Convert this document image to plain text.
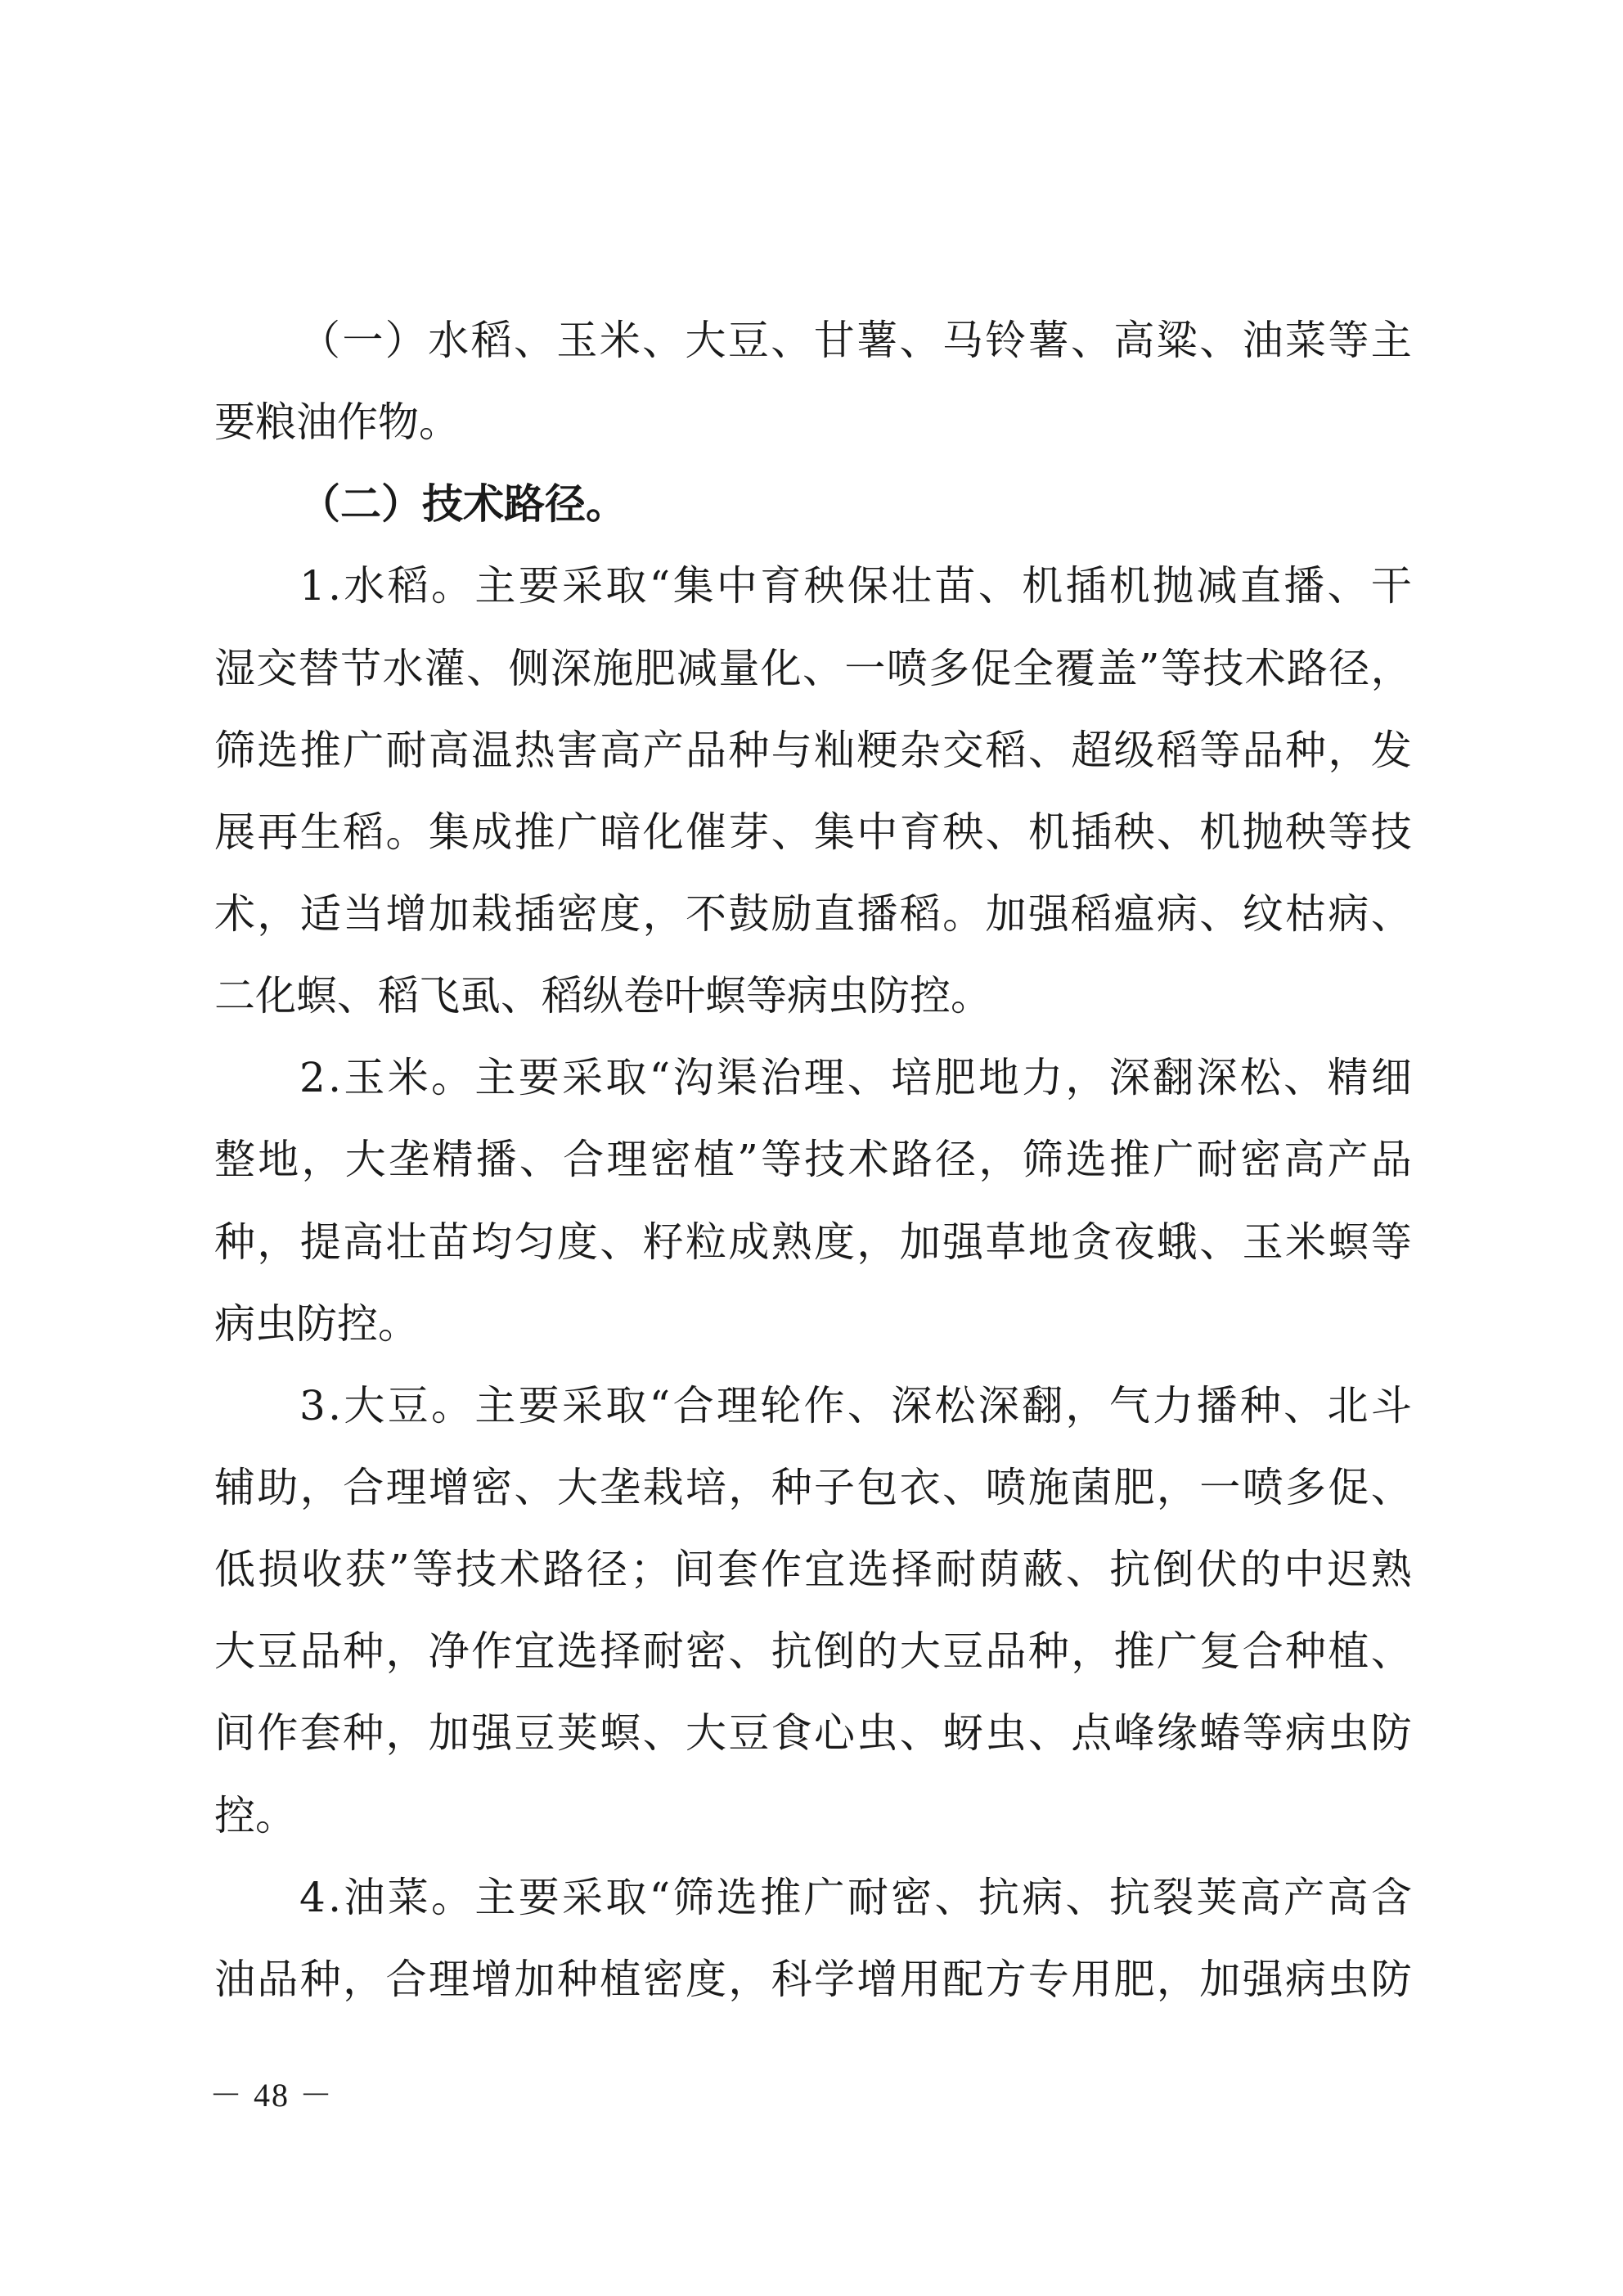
（ 一 ） 水 稻 、 玉 米 、 大 豆 、 甘 薯 、 马 铃 薯 、 高 粱 、 油 菜 等 主
要粮油作物。
（二）技术路径。
1 . 水 稻 。 主 要 采 取 “ 集 中 育 秧 保 壮 苗 、 机 插 机 抛 减 直 播 、 干
湿 交 替 节 水 灌 、 侧 深 施 肥 减 量 化 、 一 喷 多 促 全 覆 盖 ” 等 技 术 路 径 ，
筛 选 推 广 耐 高 温 热 害 高 产 品 种 与 籼 粳 杂 交 稻 、 超 级 稻 等 品 种 ， 发
展 再 生 稻 。 集 成 推 广 暗 化 催 芽 、 集 中 育 秧 、 机 插 秧 、 机 抛 秧 等 技
术 ， 适 当 增 加 栽 插 密 度 ， 不 鼓 励 直 播 稻 。 加 强 稻 瘟 病 、 纹 枯 病 、
二化螟、稻飞虱、稻纵卷叶螟等病虫防控。
2 . 玉 米 。 主 要 采 取 “ 沟 渠 治 理 、 培 肥 地 力 ， 深 翻 深 松 、 精 细
整 地 ， 大 垄 精 播 、 合 理 密 植 ” 等 技 术 路 径 ， 筛 选 推 广 耐 密 高 产 品
种 ， 提 高 壮 苗 均 匀 度 、 籽 粒 成 熟 度 ， 加 强 草 地 贪 夜 蛾 、 玉 米 螟 等
病虫防控。
3 . 大 豆 。 主 要 采 取 “ 合 理 轮 作 、 深 松 深 翻 ， 气 力 播 种 、 北 斗
辅 助 ， 合 理 增 密 、 大 垄 栽 培 ， 种 子 包 衣 、 喷 施 菌 肥 ， 一 喷 多 促 、
低 损 收 获 ” 等 技 术 路 径 ； 间 套 作 宜 选 择 耐 荫 蔽 、 抗 倒 伏 的 中 迟 熟
大 豆 品 种 ， 净 作 宜 选 择 耐 密 、 抗 倒 的 大 豆 品 种 ， 推 广 复 合 种 植 、
间 作 套 种 ， 加 强 豆 荚 螟 、 大 豆 食 心 虫 、 蚜 虫 、 点 峰 缘 蝽 等 病 虫 防
控。
4 . 油 菜 。 主 要 采 取 “ 筛 选 推 广 耐 密 、 抗 病 、 抗 裂 荚 高 产 高 含
油 品 种 ， 合 理 增 加 种 植 密 度 ， 科 学 增 用 配 方 专 用 肥 ， 加 强 病 虫 防
－ 48 －
